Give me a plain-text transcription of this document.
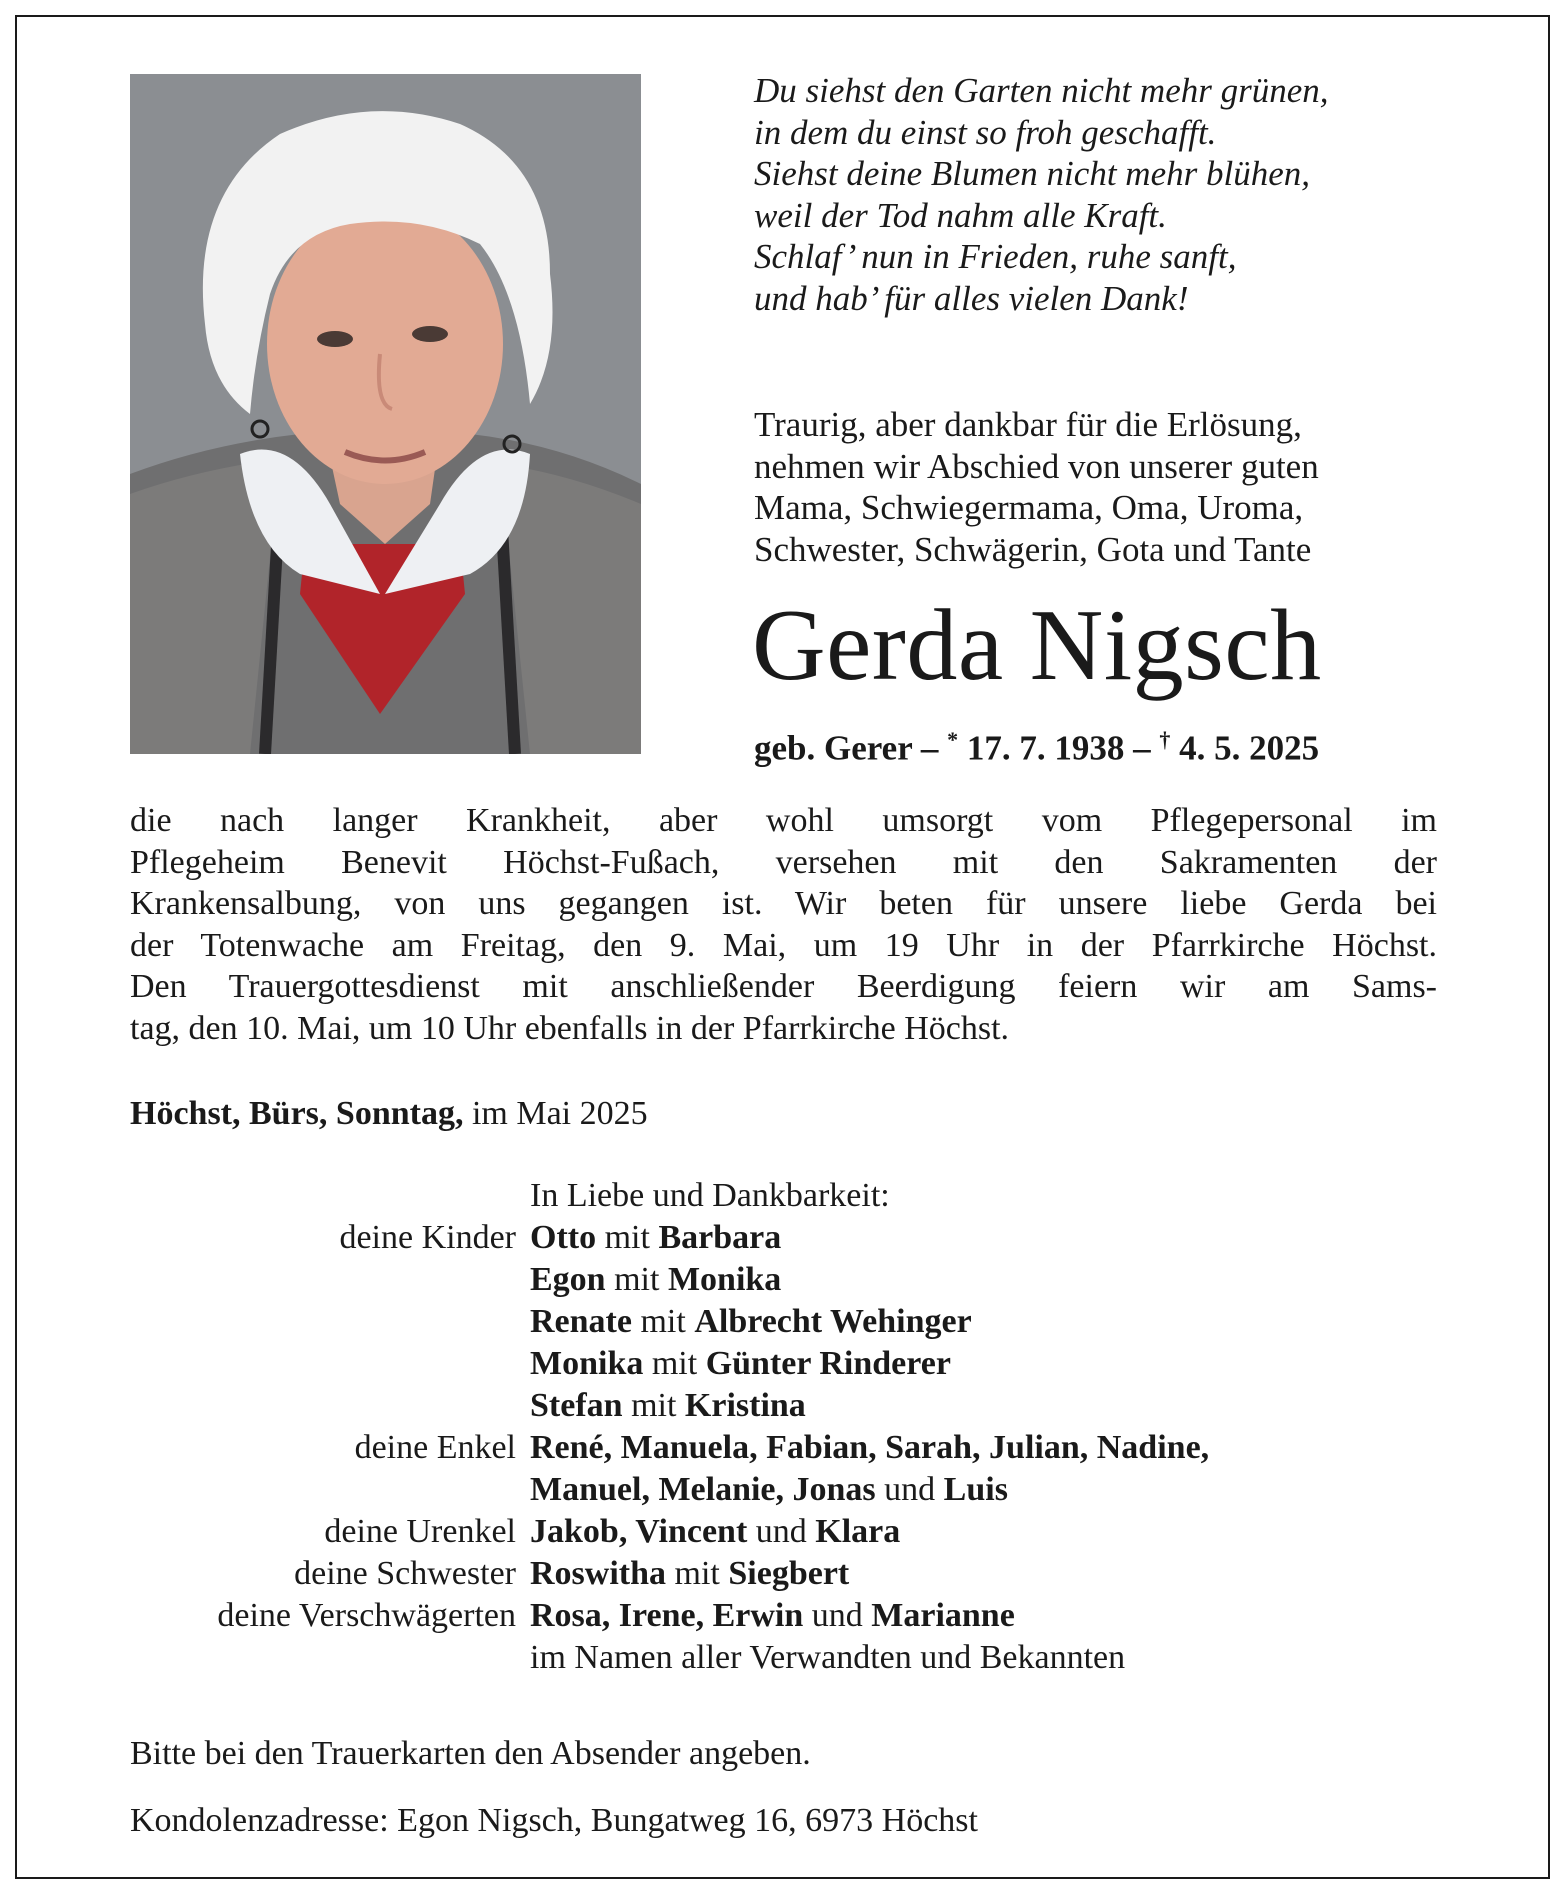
Du siehst den Garten nicht mehr grünen,
in dem du einst so froh geschafft.
Siehst deine Blumen nicht mehr blühen,
weil der Tod nahm alle Kraft.
Schlaf’ nun in Frieden, ruhe sanft,
und hab’ für alles vielen Dank!
Traurig, aber dankbar für die Erlösung,
nehmen wir Abschied von unserer guten
Mama, Schwiegermama, Oma, Uroma,
Schwester, Schwägerin, Gota und Tante
Gerda Nigsch
geb. Gerer – * 17. 7. 1938 – † 4. 5. 2025
die nach langer Krankheit, aber wohl umsorgt vom Pflegepersonal im
Pflegeheim Benevit Höchst-Fußach, versehen mit den Sakramenten der
Krankensalbung, von uns gegangen ist. Wir beten für unsere liebe Gerda bei
der Totenwache am Freitag, den 9. Mai, um 19 Uhr in der Pfarrkirche Höchst.
Den Trauergottesdienst mit anschließender Beerdigung feiern wir am Sams-
tag, den 10. Mai, um 10 Uhr ebenfalls in der Pfarrkirche Höchst.
Höchst, Bürs, Sonntag, im Mai 2025
In Liebe und Dankbarkeit:
deine Kinder Otto mit Barbara
Egon mit Monika
Renate mit Albrecht Wehinger
Monika mit Günter Rinderer
Stefan mit Kristina
deine Enkel René, Manuela, Fabian, Sarah, Julian, Nadine,
Manuel, Melanie, Jonas und Luis
deine Urenkel Jakob, Vincent und Klara
deine Schwester Roswitha mit Siegbert
deine Verschwägerten Rosa, Irene, Erwin und Marianne
im Namen aller Verwandten und Bekannten
Bitte bei den Trauerkarten den Absender angeben.
Kondolenzadresse: Egon Nigsch, Bungatweg 16, 6973 Höchst
